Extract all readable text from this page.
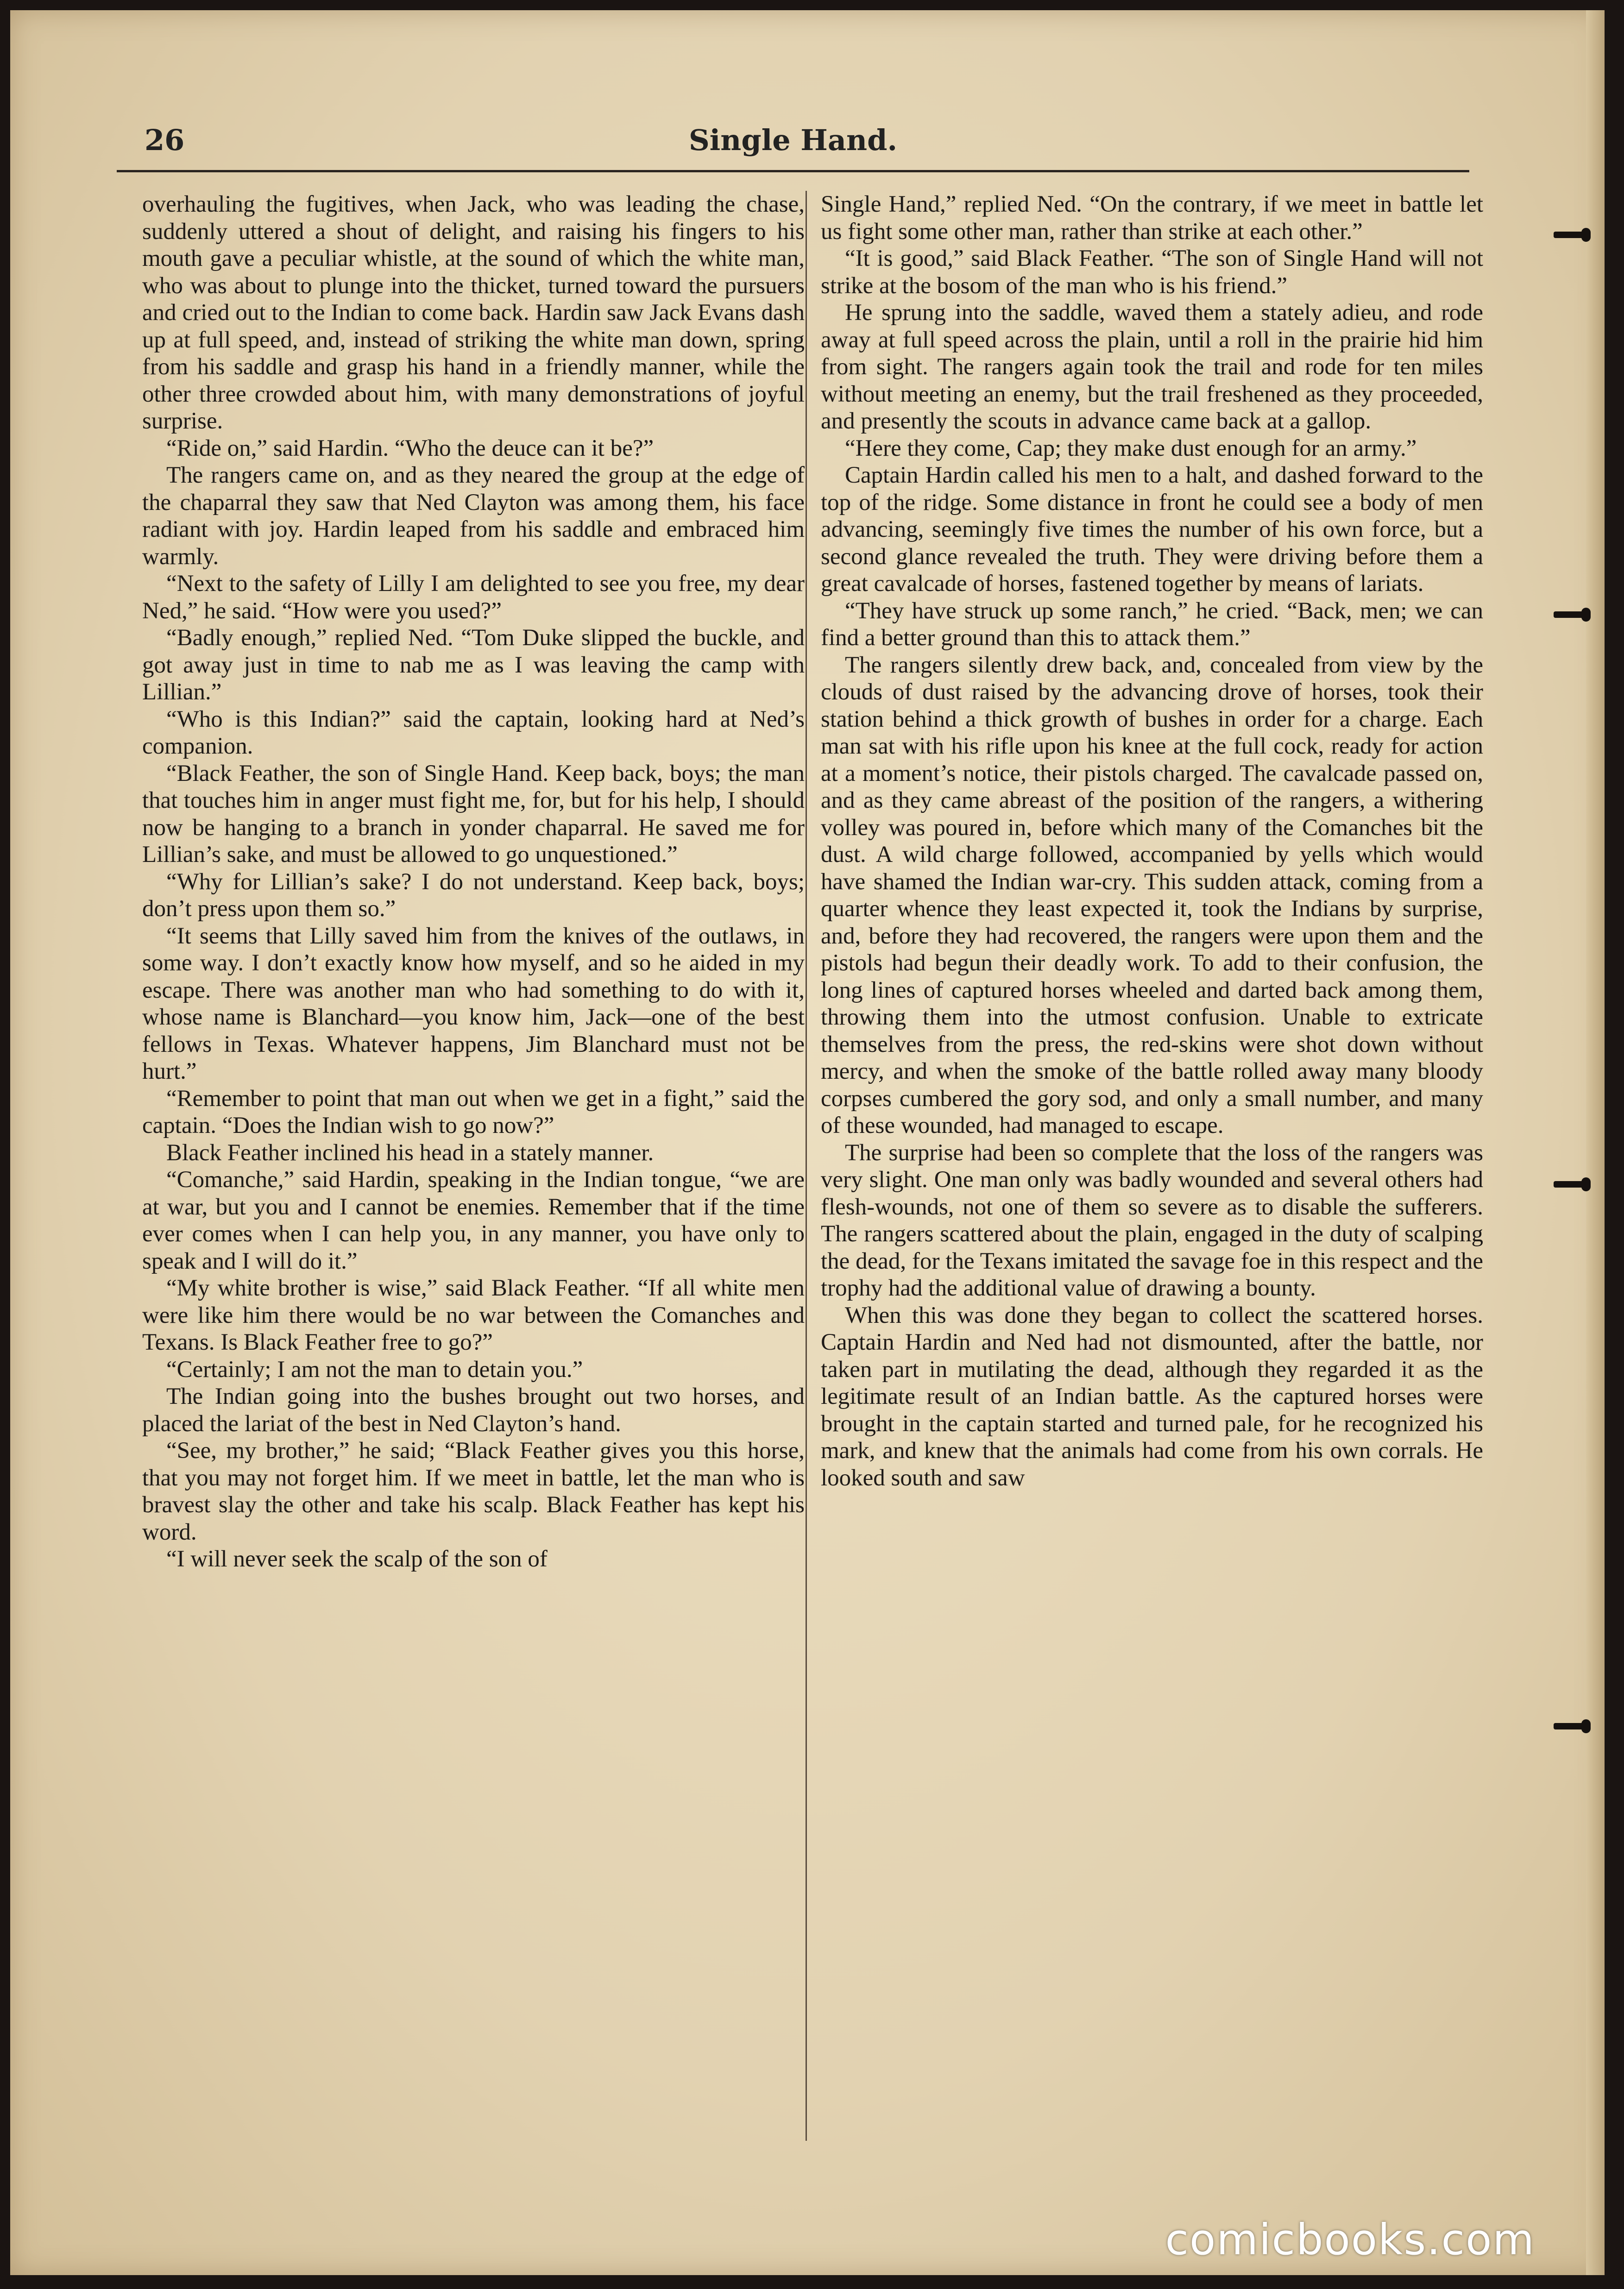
26	Single Hand.

overhauling the fugitives, when Jack, who was leading the chase, suddenly uttered a shout of delight, and raising his fingers to his mouth gave a peculiar whistle, at the sound of which the white man, who was about to plunge into the thicket, turned toward the pursuers and cried out to the Indian to come back. Hardin saw Jack Evans dash up at full speed, and, instead of striking the white man down, spring from his saddle and grasp his hand in a friendly manner, while the other three crowded about him, with many demonstrations of joyful surprise.

“Ride on,” said Hardin. “Who the deuce can it be?”

The rangers came on, and as they neared the group at the edge of the chaparral they saw that Ned Clayton was among them, his face radiant with joy. Hardin leaped from his saddle and embraced him warmly.

“Next to the safety of Lilly I am delighted to see you free, my dear Ned,” he said. “How were you used?”

“Badly enough,” replied Ned. “Tom Duke slipped the buckle, and got away just in time to nab me as I was leaving the camp with Lillian.”

“Who is this Indian?” said the captain, looking hard at Ned’s companion.

“Black Feather, the son of Single Hand. Keep back, boys; the man that touches him in anger must fight me, for, but for his help, I should now be hanging to a branch in yonder chaparral. He saved me for Lillian’s sake, and must be allowed to go unquestioned.”

“Why for Lillian’s sake? I do not understand. Keep back, boys; don’t press upon them so.”

“It seems that Lilly saved him from the knives of the outlaws, in some way. I don’t exactly know how myself, and so he aided in my escape. There was another man who had something to do with it, whose name is Blanchard—you know him, Jack—one of the best fellows in Texas. Whatever happens, Jim Blanchard must not be hurt.”

“Remember to point that man out when we get in a fight,” said the captain. “Does the Indian wish to go now?”

Black Feather inclined his head in a stately manner.

“Comanche,” said Hardin, speaking in the Indian tongue, “we are at war, but you and I cannot be enemies. Remember that if the time ever comes when I can help you, in any manner, you have only to speak and I will do it.”

“My white brother is wise,” said Black Feather. “If all white men were like him there would be no war between the Comanches and Texans. Is Black Feather free to go?”

“Certainly; I am not the man to detain you.”

The Indian going into the bushes brought out two horses, and placed the lariat of the best in Ned Clayton’s hand.

“See, my brother,” he said; “Black Feather gives you this horse, that you may not forget him. If we meet in battle, let the man who is bravest slay the other and take his scalp. Black Feather has kept his word.

“I will never seek the scalp of the son of

Single Hand,” replied Ned. “On the contrary, if we meet in battle let us fight some other man, rather than strike at each other.”

“It is good,” said Black Feather. “The son of Single Hand will not strike at the bosom of the man who is his friend.”

He sprung into the saddle, waved them a stately adieu, and rode away at full speed across the plain, until a roll in the prairie hid him from sight. The rangers again took the trail and rode for ten miles without meeting an enemy, but the trail freshened as they proceeded, and presently the scouts in advance came back at a gallop.

“Here they come, Cap; they make dust enough for an army.”

Captain Hardin called his men to a halt, and dashed forward to the top of the ridge. Some distance in front he could see a body of men advancing, seemingly five times the number of his own force, but a second glance revealed the truth. They were driving before them a great cavalcade of horses, fastened together by means of lariats.

“They have struck up some ranch,” he cried. “Back, men; we can find a better ground than this to attack them.”

The rangers silently drew back, and, concealed from view by the clouds of dust raised by the advancing drove of horses, took their station behind a thick growth of bushes in order for a charge. Each man sat with his rifle upon his knee at the full cock, ready for action at a moment’s notice, their pistols charged. The cavalcade passed on, and as they came abreast of the position of the rangers, a withering volley was poured in, before which many of the Comanches bit the dust. A wild charge followed, accompanied by yells which would have shamed the Indian war-cry. This sudden attack, coming from a quarter whence they least expected it, took the Indians by surprise, and, before they had recovered, the rangers were upon them and the pistols had begun their deadly work. To add to their confusion, the long lines of captured horses wheeled and darted back among them, throwing them into the utmost confusion. Unable to extricate themselves from the press, the red-skins were shot down without mercy, and when the smoke of the battle rolled away many bloody corpses cumbered the gory sod, and only a small number, and many of these wounded, had managed to escape.

The surprise had been so complete that the loss of the rangers was very slight. One man only was badly wounded and several others had flesh-wounds, not one of them so severe as to disable the sufferers. The rangers scattered about the plain, engaged in the duty of scalping the dead, for the Texans imitated the savage foe in this respect and the trophy had the additional value of drawing a bounty.

When this was done they began to collect the scattered horses. Captain Hardin and Ned had not dismounted, after the battle, nor taken part in mutilating the dead, although they regarded it as the legitimate result of an Indian battle. As the captured horses were brought in the captain started and turned pale, for he recognized his mark, and knew that the animals had come from his own corrals. He looked south and saw

comicbooks.com
